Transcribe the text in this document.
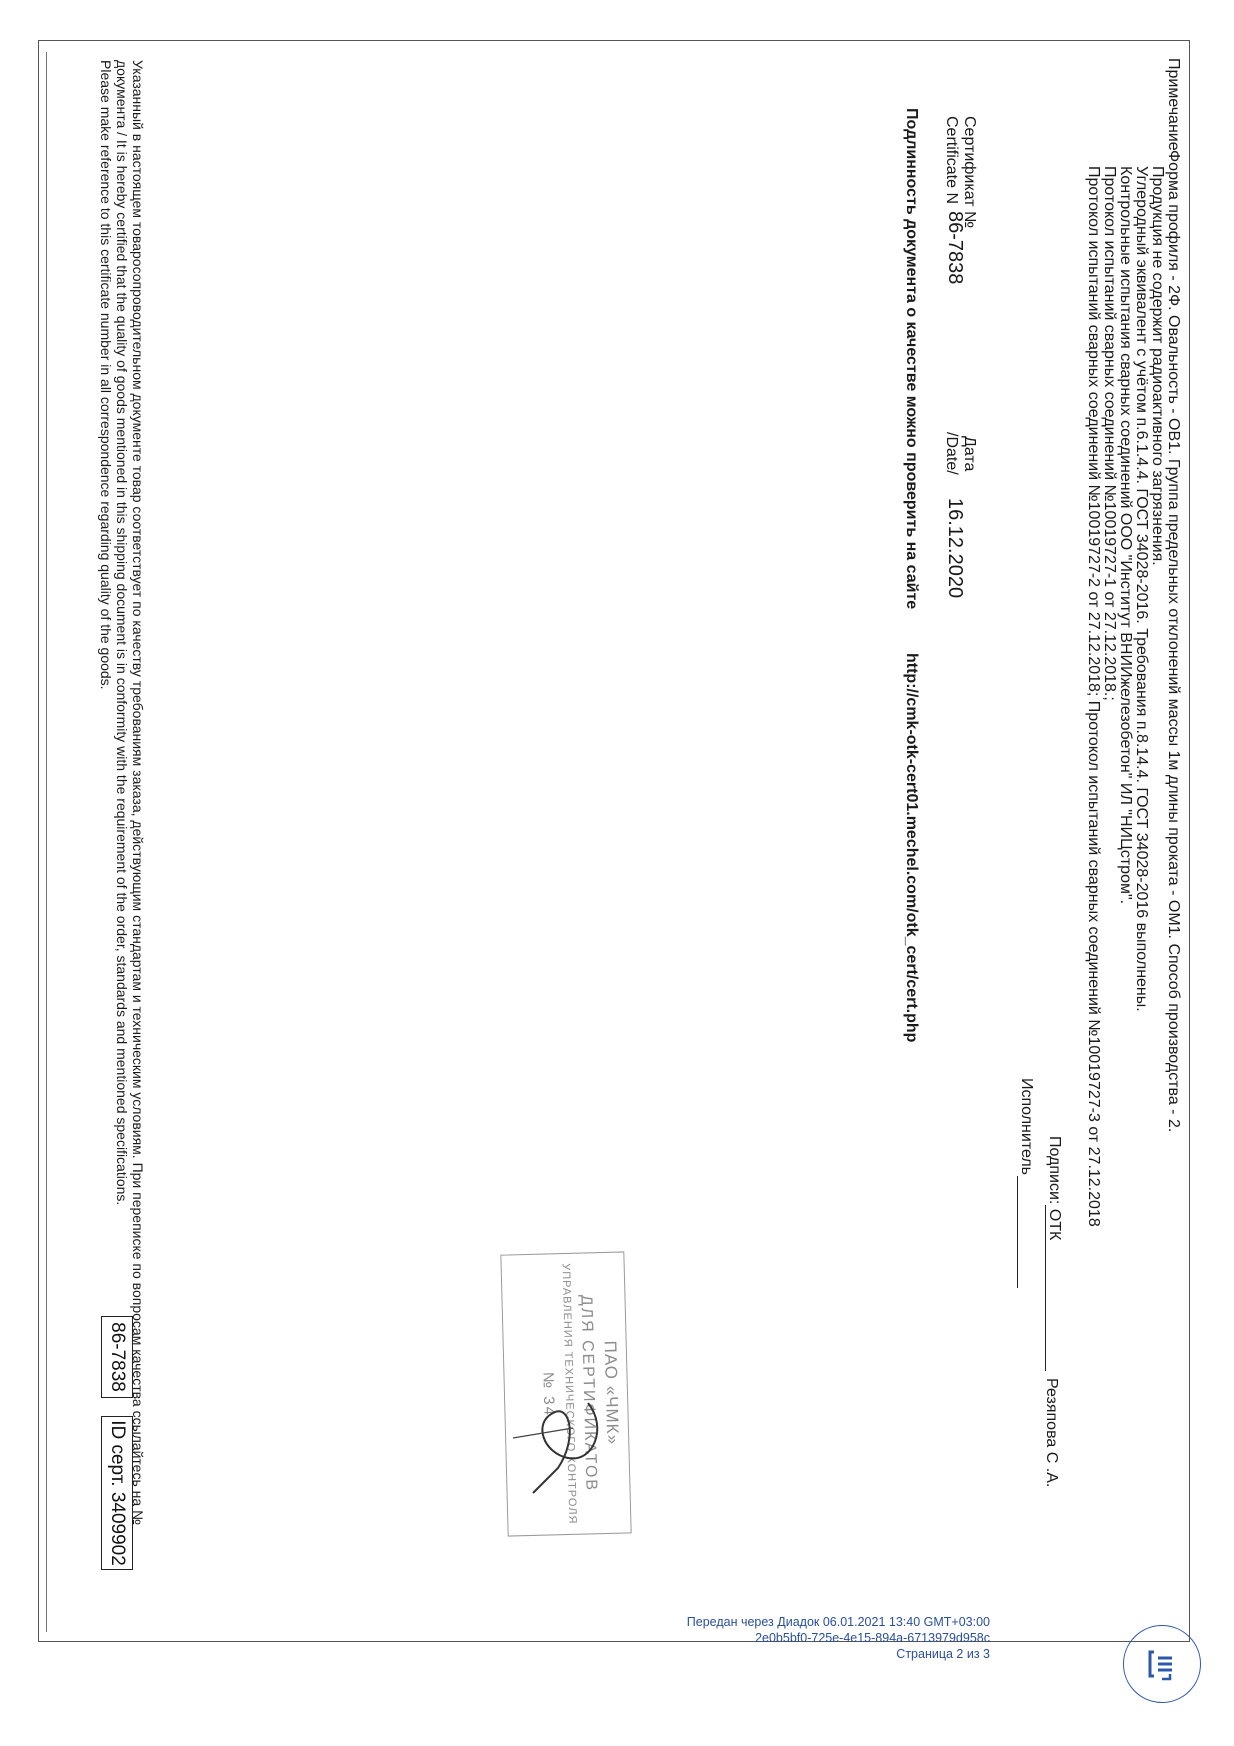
Примечание
Форма профиля - 2Ф. Овальность - ОВ1. Группа предельных отклонений массы 1м длины проката - ОМ1. Способ производства - 2.
Продукция не содержит радиоактивного загрязнения.
Углеродный эквивалент с учётом п.6.1.4.4. ГОСТ 34028-2016. Требования п.8.14.4. ГОСТ 34028-2016 выполнены.
Контрольные испытания сварных соединений ООО "Институт ВНИИжелезобетон" ИЛ "НИЦстром".
Протокол испытаний сварных соединений №10019727-1 от 27.12.2018.;
Протокол испытаний сварных соединений №10019727-2 от 27.12.2018; Протокол испытаний сварных соединений №10019727-3 от 27.12.2018
Подписи: ОТК
Резяпова С .А.
Исполнитель
Сертификат №
Certificate N
86-7838
Дата
/Date/
16.12.2020
Подлинность документа о качестве можно проверить на сайте
http://cmk-otk-cert01.mechel.com/otk_cert/cert.php
Указанный в настоящем товаросопроводительном документе товар соответствует по качеству требованиям заказа, действующим стандартам и техническим условиям. При переписке по вопросам качества ссылайтесь на №
документа / It is hereby certified that the quality of goods mentioned in this shipping document is in conformity with the requirement of the order, standards and mentioned specifications.
Please make reference to this certificate number in all correspondence regarding quality of the goods.
86-7838
ID серт. 3409902
ПАО «ЧМК»
ДЛЯ СЕРТИФИКАТОВ
УПРАВЛЕНИЯ ТЕХНИЧЕСКОГО КОНТРОЛЯ
№ 34
Передан через Диадок 06.01.2021 13:40 GMT+03:00
2e0b5bf0-725e-4e15-894a-6713979d958c
Страница 2 из 3
